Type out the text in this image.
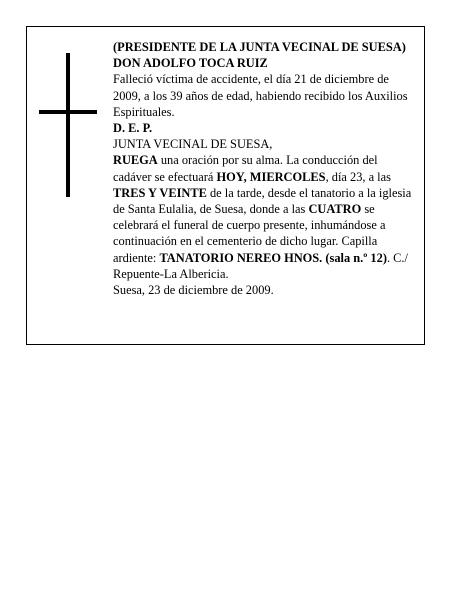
(PRESIDENTE DE LA JUNTA VECINAL DE SUESA)

DON ADOLFO TOCA RUIZ

Falleció víctima de accidente, el día 21 de diciembre de 2009, a los 39 años de edad, habiendo recibido los Auxilios Espirituales.

D. E. P.

JUNTA VECINAL DE SUESA,

RUEGA una oración por su alma. La conducción del cadáver se efectuará HOY, MIERCOLES, día 23, a las TRES Y VEINTE de la tarde, desde el tanatorio a la iglesia de Santa Eulalia, de Suesa, donde a las CUATRO se celebrará el funeral de cuerpo presente, inhumándose a continuación en el cementerio de dicho lugar. Capilla ardiente: TANATORIO NEREO HNOS. (sala n.º 12). C./ Repuente-La Albericia.

Suesa, 23 de diciembre de 2009.
